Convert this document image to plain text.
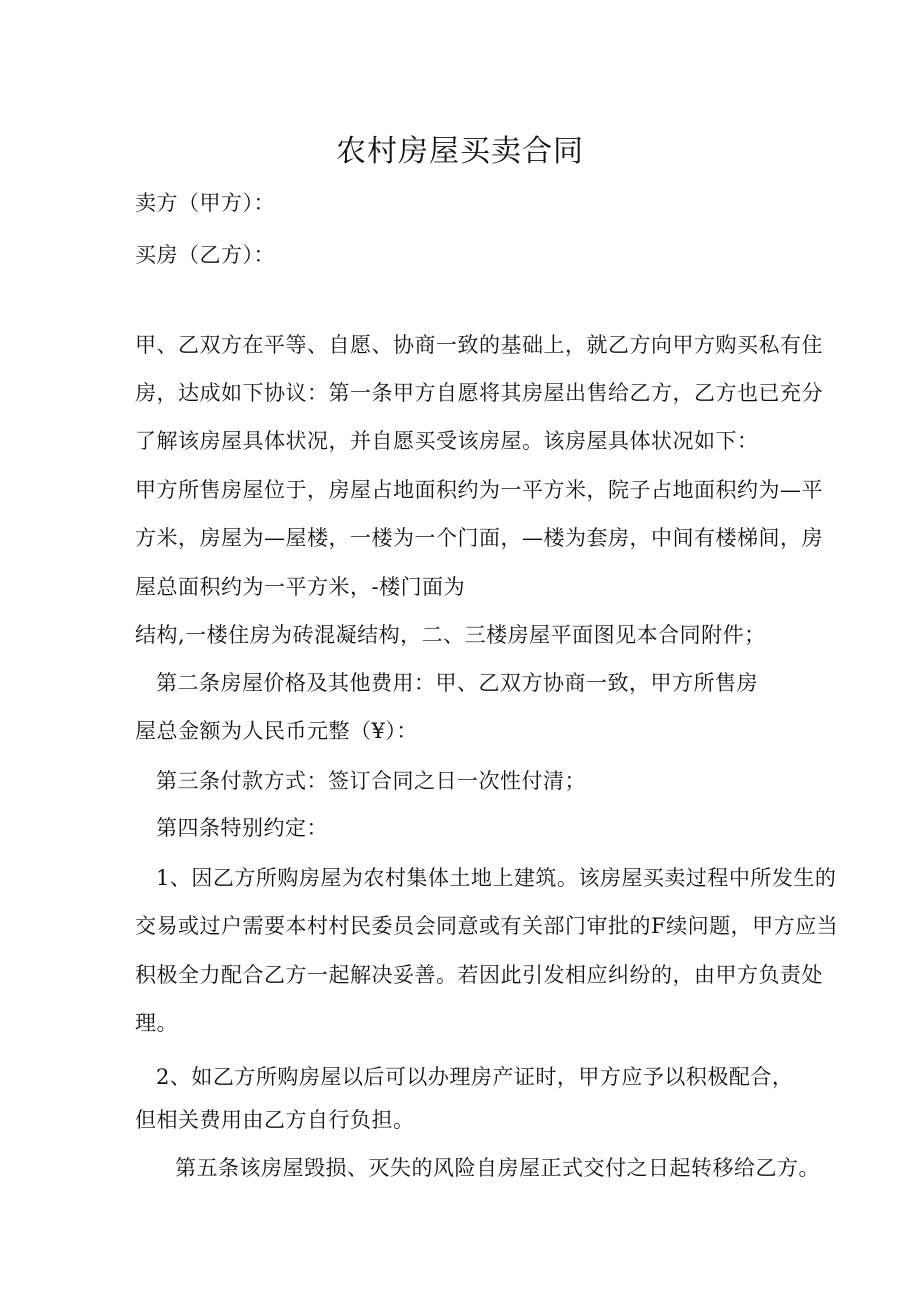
农村房屋买卖合同
卖方（甲方）：
买房（乙方）：
甲、乙双方在平等、自愿、协商一致的基础上，就乙方向甲方购买私有住
房，达成如下协议：第一条甲方自愿将其房屋出售给乙方，乙方也已充分
了解该房屋具体状况，并自愿买受该房屋。该房屋具体状况如下：
甲方所售房屋位于，房屋占地面积约为一平方米，院子占地面积约为—平
方米，房屋为—屋楼，一楼为一个门面，—楼为套房，中间有楼梯间，房
屋总面积约为一平方米，-楼门面为
结构,一楼住房为砖混凝结构，二、三楼房屋平面图见本合同附件；
第二条房屋价格及其他费用：甲、乙双方协商一致，甲方所售房
屋总金额为人民币元整（¥）：
第三条付款方式：签订合同之日一次性付清；
第四条特别约定：
1、因乙方所购房屋为农村集体土地上建筑。该房屋买卖过程中所发生的
交易或过户需要本村村民委员会同意或有关部门审批的F续问题，甲方应当
积极全力配合乙方一起解决妥善。若因此引发相应纠纷的，由甲方负责处
理。
2、如乙方所购房屋以后可以办理房产证时，甲方应予以积极配合，
但相关费用由乙方自行负担。
第五条该房屋毁损、灭失的风险自房屋正式交付之日起转移给乙方。
